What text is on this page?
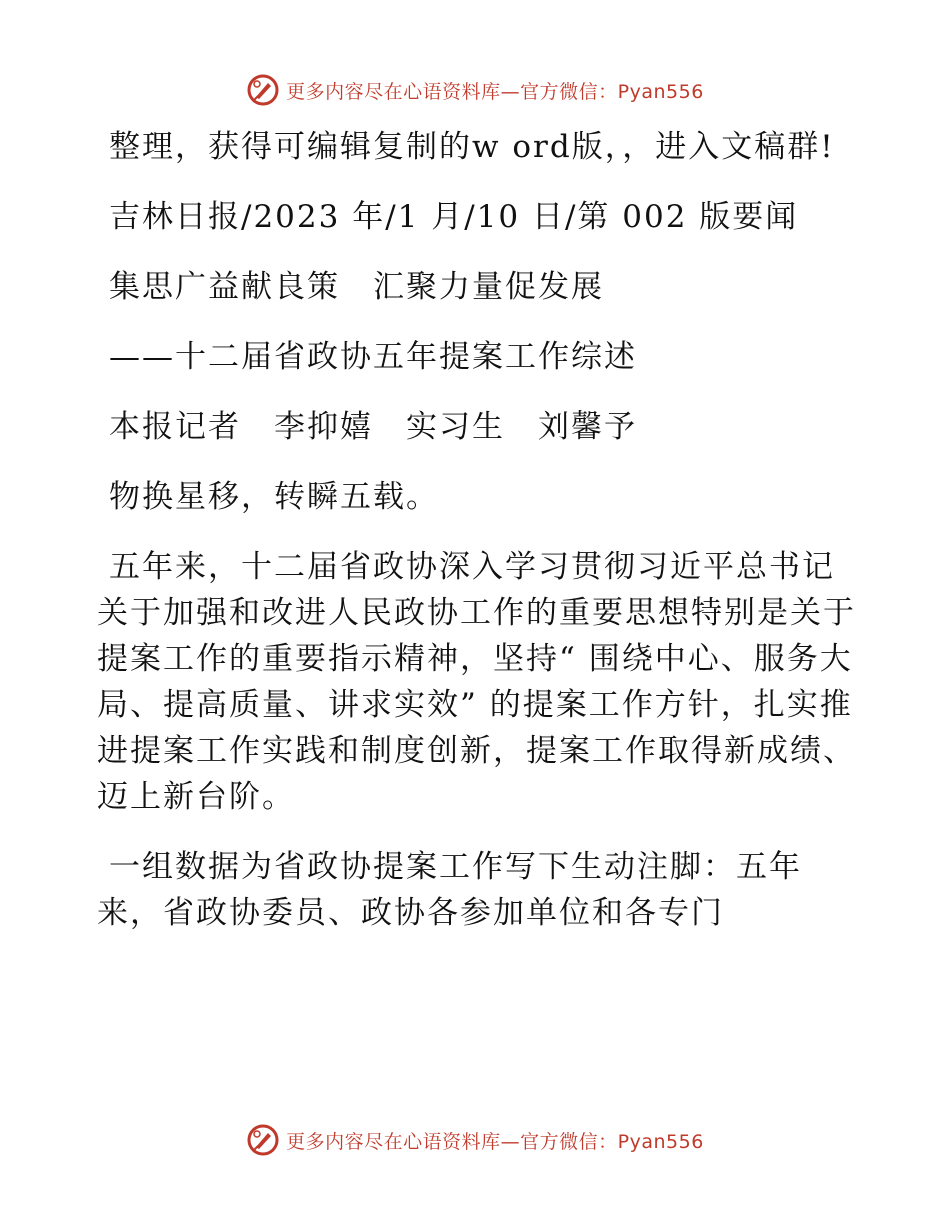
更多内容尽在心语资料库—官方微信：Pyan556

整理，获得可编辑复制的w ord版，，进入文稿群!

吉林日报/2023 年/1 月/10 日/第 002 版要闻

集思广益献良策　汇聚力量促发展

——十二届省政协五年提案工作综述

本报记者　李抑嬉　实习生　刘馨予

物换星移，转瞬五载。

五年来，十二届省政协深入学习贯彻习近平总书记关于加强和改进人民政协工作的重要思想特别是关于提案工作的重要指示精神，坚持“ 围绕中心、服务大局、提高质量、讲求实效” 的提案工作方针，扎实推进提案工作实践和制度创新，提案工作取得新成绩、迈上新台阶。

一组数据为省政协提案工作写下生动注脚：五年来，省政协委员、政协各参加单位和各专门

更多内容尽在心语资料库—官方微信：Pyan556
